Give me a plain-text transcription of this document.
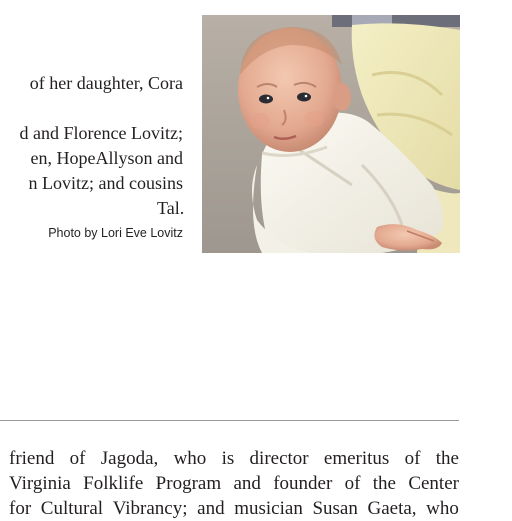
of her daughter, Cora
d and Florence Lovitz;
en, HopeAllyson and
n Lovitz; and cousins
Tal.
Photo by Lori Eve Lovitz
friend of Jagoda, who is director emeritus of the
Virginia Folklife Program and founder of the Center
for Cultural Vibrancy; and musician Susan Gaeta, who
